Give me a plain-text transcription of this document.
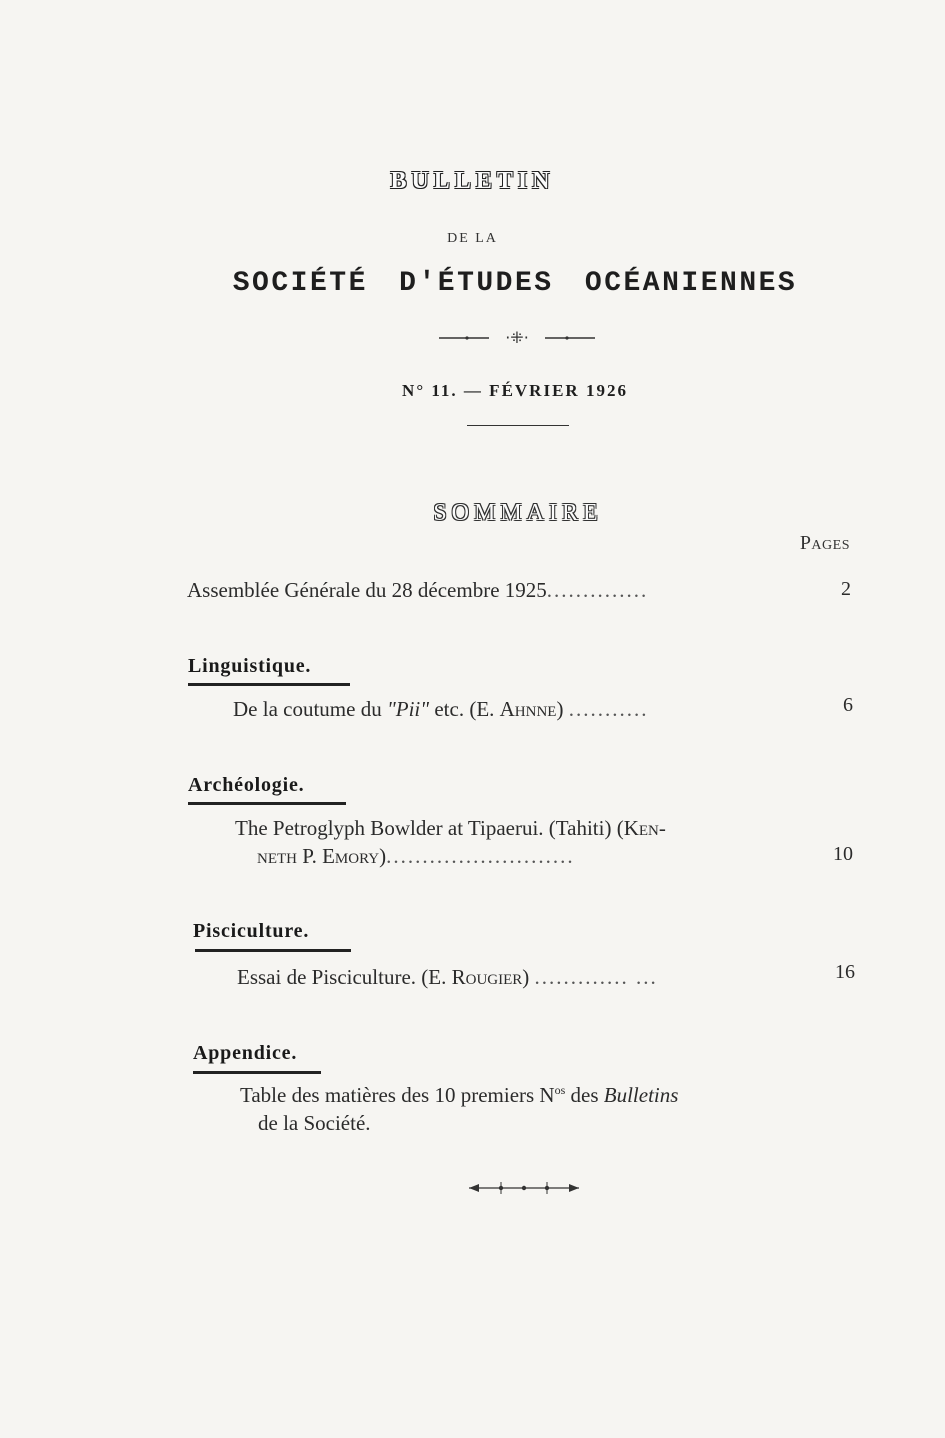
BULLETIN
DE LA
SOCIÉTÉ D'ÉTUDES OCÉANIENNES
·⁜·
N° 11. — FÉVRIER 1926
SOMMAIRE
Pages
Assemblée Générale du 28 décembre 1925..............	2
Linguistique.
De la coutume du "Pii" etc. (E. Ahnne) ...........	6
Archéologie.
The Petroglyph Bowlder at Tipaerui. (Tahiti) (Ken-
neth P. Emory)..........................	10
Pisciculture.
Essai de Pisciculture. (E. Rougier) ............. ...	16
Appendice.
Table des matières des 10 premiers $N^{os}$ des Bulletins
de la Société.
